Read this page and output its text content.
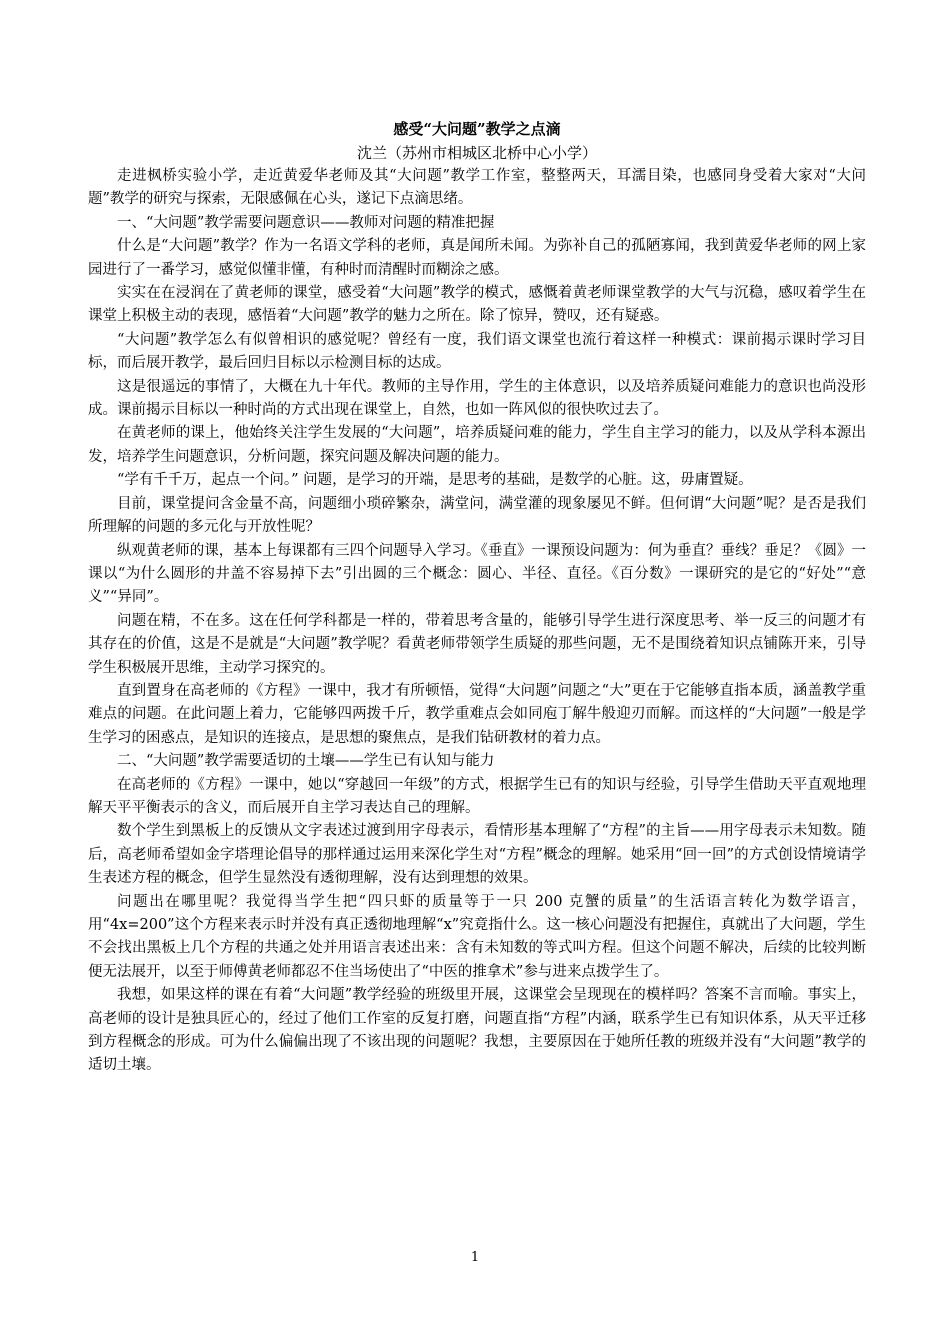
感受“大问题”教学之点滴

沈兰（苏州市相城区北桥中心小学）

走进枫桥实验小学，走近黄爱华老师及其“大问题”教学工作室，整整两天，耳濡目染，也感同身受着大家对“大问题”教学的研究与探索，无限感佩在心头，遂记下点滴思绪。

一、“大问题”教学需要问题意识——教师对问题的精准把握

什么是“大问题”教学？作为一名语文学科的老师，真是闻所未闻。为弥补自己的孤陋寡闻，我到黄爱华老师的网上家园进行了一番学习，感觉似懂非懂，有种时而清醒时而糊涂之感。

实实在在浸润在了黄老师的课堂，感受着“大问题”教学的模式，感慨着黄老师课堂教学的大气与沉稳，感叹着学生在课堂上积极主动的表现，感悟着“大问题”教学的魅力之所在。除了惊异，赞叹，还有疑惑。

“大问题”教学怎么有似曾相识的感觉呢？曾经有一度，我们语文课堂也流行着这样一种模式：课前揭示课时学习目标，而后展开教学，最后回归目标以示检测目标的达成。

这是很遥远的事情了，大概在九十年代。教师的主导作用，学生的主体意识，以及培养质疑问难能力的意识也尚没形成。课前揭示目标以一种时尚的方式出现在课堂上，自然，也如一阵风似的很快吹过去了。

在黄老师的课上，他始终关注学生发展的“大问题”，培养质疑问难的能力，学生自主学习的能力，以及从学科本源出发，培养学生问题意识，分析问题，探究问题及解决问题的能力。

“学有千千万，起点一个问。” 问题，是学习的开端，是思考的基础，是数学的心脏。这，毋庸置疑。

目前，课堂提问含金量不高，问题细小琐碎繁杂，满堂问，满堂灌的现象屡见不鲜。但何谓“大问题”呢？是否是我们所理解的问题的多元化与开放性呢？

纵观黄老师的课，基本上每课都有三四个问题导入学习。《垂直》一课预设问题为：何为垂直？垂线？垂足？《圆》一课以“为什么圆形的井盖不容易掉下去”引出圆的三个概念：圆心、半径、直径。《百分数》一课研究的是它的“好处”“意义”“异同”。

问题在精，不在多。这在任何学科都是一样的，带着思考含量的，能够引导学生进行深度思考、举一反三的问题才有其存在的价值，这是不是就是“大问题”教学呢？看黄老师带领学生质疑的那些问题，无不是围绕着知识点铺陈开来，引导学生积极展开思维，主动学习探究的。

直到置身在高老师的《方程》一课中，我才有所顿悟，觉得“大问题”问题之“大”更在于它能够直指本质，涵盖教学重难点的问题。在此问题上着力，它能够四两拨千斤，教学重难点会如同庖丁解牛般迎刃而解。而这样的“大问题”一般是学生学习的困惑点，是知识的连接点，是思想的聚焦点，是我们钻研教材的着力点。

二、“大问题”教学需要适切的土壤——学生已有认知与能力

在高老师的《方程》一课中，她以“穿越回一年级”的方式，根据学生已有的知识与经验，引导学生借助天平直观地理解天平平衡表示的含义，而后展开自主学习表达自己的理解。

数个学生到黑板上的反馈从文字表述过渡到用字母表示，看情形基本理解了“方程”的主旨——用字母表示未知数。随后，高老师希望如金字塔理论倡导的那样通过运用来深化学生对“方程”概念的理解。她采用“回一回”的方式创设情境请学生表述方程的概念，但学生显然没有透彻理解，没有达到理想的效果。

问题出在哪里呢？我觉得当学生把“四只虾的质量等于一只 200 克蟹的质量”的生活语言转化为数学语言，用“4x=200”这个方程来表示时并没有真正透彻地理解“x”究竟指什么。这一核心问题没有把握住，真就出了大问题，学生不会找出黑板上几个方程的共通之处并用语言表述出来：含有未知数的等式叫方程。但这个问题不解决，后续的比较判断便无法展开，以至于师傅黄老师都忍不住当场使出了“中医的推拿术”参与进来点拨学生了。

我想，如果这样的课在有着“大问题”教学经验的班级里开展，这课堂会呈现现在的模样吗？答案不言而喻。事实上，高老师的设计是独具匠心的，经过了他们工作室的反复打磨，问题直指“方程”内涵，联系学生已有知识体系，从天平迁移到方程概念的形成。可为什么偏偏出现了不该出现的问题呢？我想，主要原因在于她所任教的班级并没有“大问题”教学的适切土壤。

1
